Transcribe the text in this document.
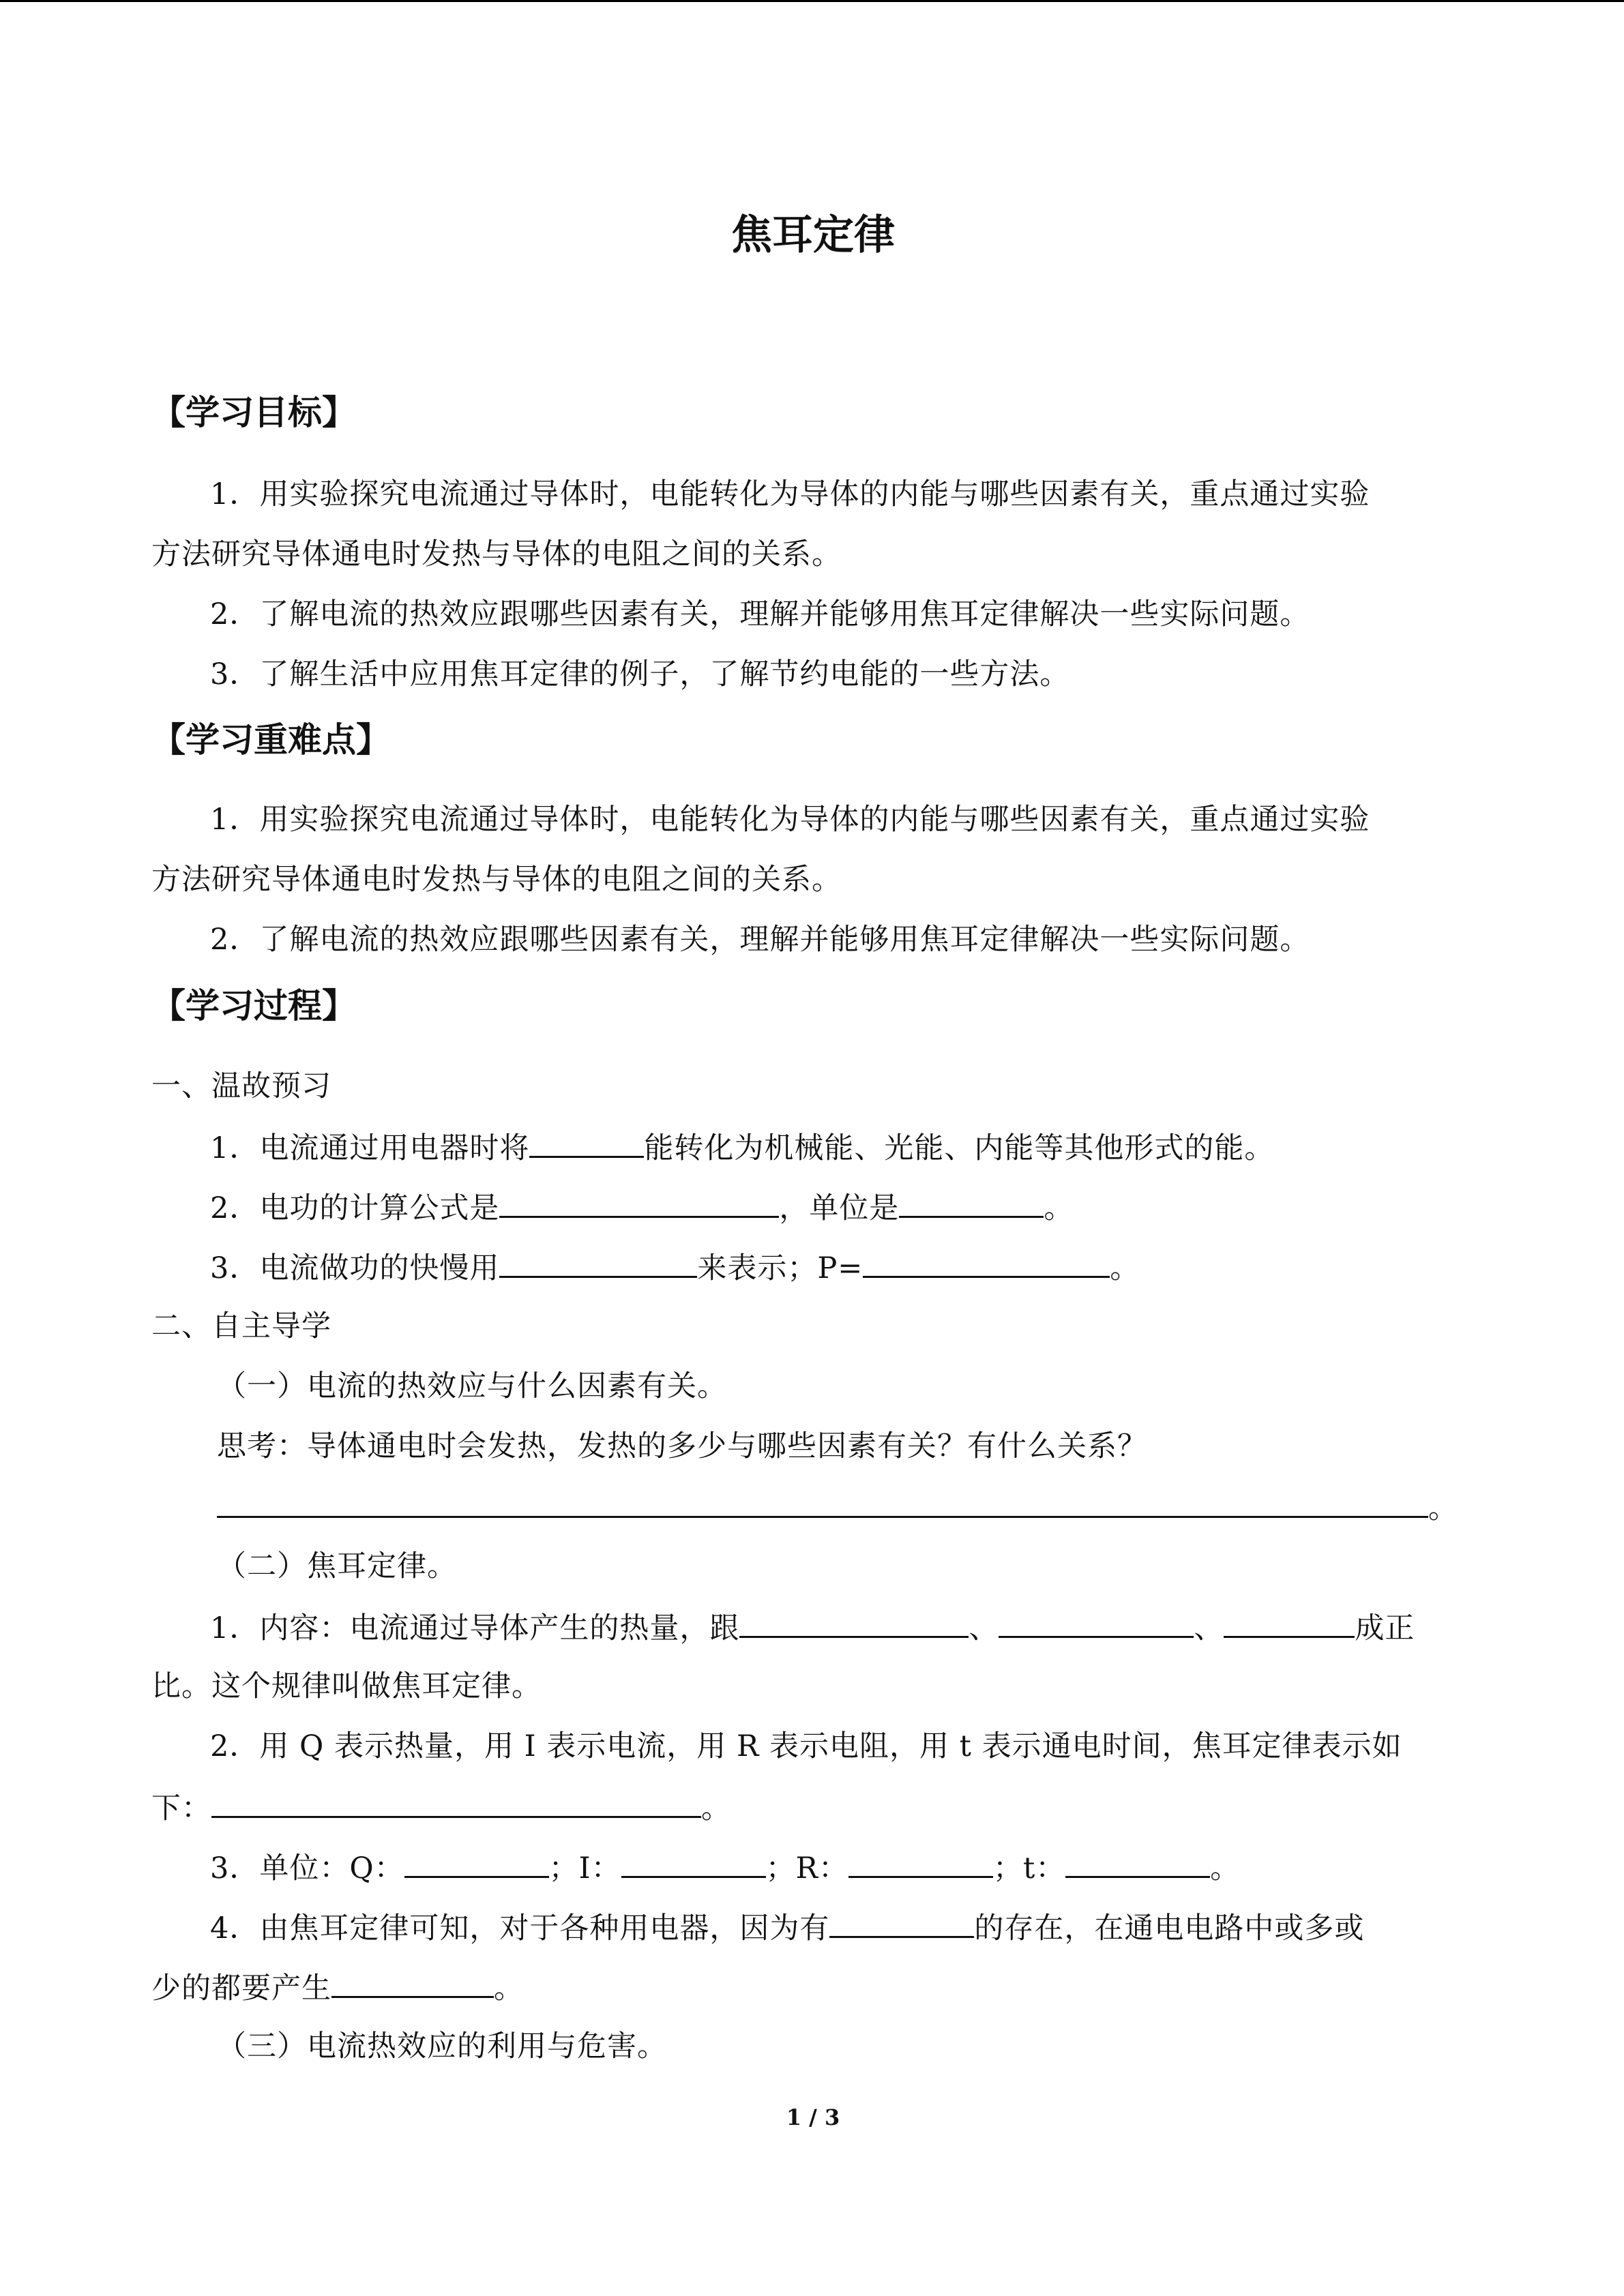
焦耳定律
【学习目标】
1．用实验探究电流通过导体时，电能转化为导体的内能与哪些因素有关，重点通过实验
方法研究导体通电时发热与导体的电阻之间的关系。
2．了解电流的热效应跟哪些因素有关，理解并能够用焦耳定律解决一些实际问题。
3．了解生活中应用焦耳定律的例子，了解节约电能的一些方法。
【学习重难点】
1．用实验探究电流通过导体时，电能转化为导体的内能与哪些因素有关，重点通过实验
方法研究导体通电时发热与导体的电阻之间的关系。
2．了解电流的热效应跟哪些因素有关，理解并能够用焦耳定律解决一些实际问题。
【学习过程】
一、温故预习
1．电流通过用电器时将	能转化为机械能、光能、内能等其他形式的能。
2．电功的计算公式是	，单位是	。
3．电流做功的快慢用	来表示；P=	。
二、自主导学
（一）电流的热效应与什么因素有关。
思考：导体通电时会发热，发热的多少与哪些因素有关？有什么关系？
。
（二）焦耳定律。
1．内容：电流通过导体产生的热量，跟	、	、	成正
比。这个规律叫做焦耳定律。
2．用 Q 表示热量，用 I 表示电流，用 R 表示电阻，用 t 表示通电时间，焦耳定律表示如
下：	。
3．单位：Q：	；I：	；R：	；t：	。
4．由焦耳定律可知，对于各种用电器，因为有	的存在，在通电电路中或多或
少的都要产生	。
（三）电流热效应的利用与危害。
1 / 3
